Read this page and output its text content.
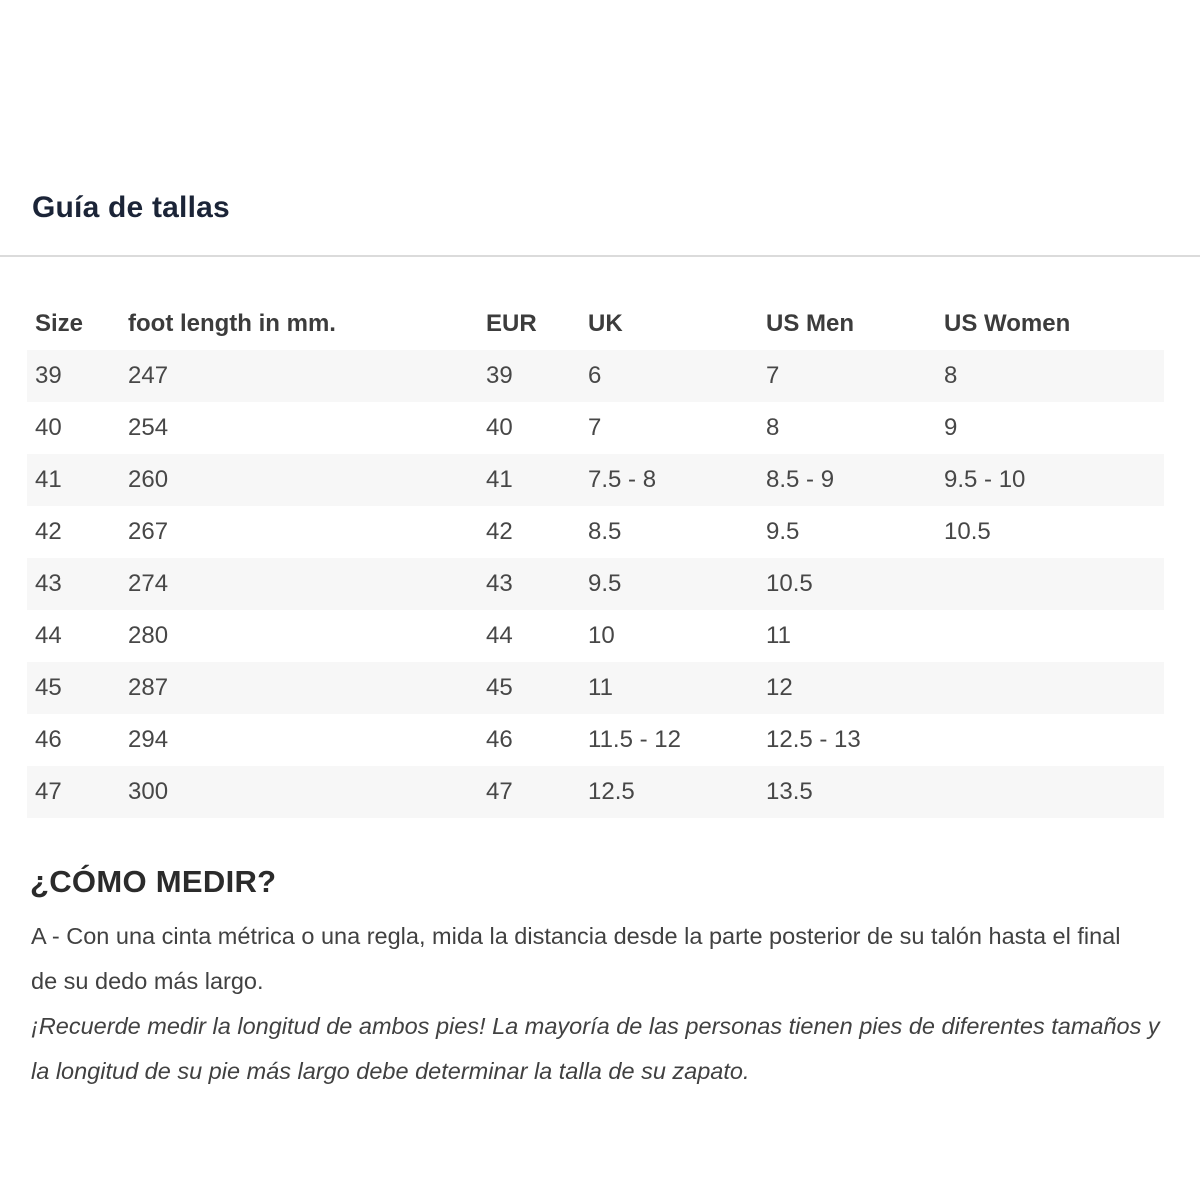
Guía de tallas
Size	foot length in mm.	EUR	UK	US Men	US Women
39	247	39	6	7	8
40	254	40	7	8	9
41	260	41	7.5 - 8	8.5 - 9	9.5 - 10
42	267	42	8.5	9.5	10.5
43	274	43	9.5	10.5	
44	280	44	10	11	
45	287	45	11	12	
46	294	46	11.5 - 12	12.5 - 13	
47	300	47	12.5	13.5	
¿CÓMO MEDIR?

A - Con una cinta métrica o una regla, mida la distancia desde la parte posterior de su talón hasta el final de su dedo más largo.

¡Recuerde medir la longitud de ambos pies! La mayoría de las personas tienen pies de diferentes tamaños y la longitud de su pie más largo debe determinar la talla de su zapato.
